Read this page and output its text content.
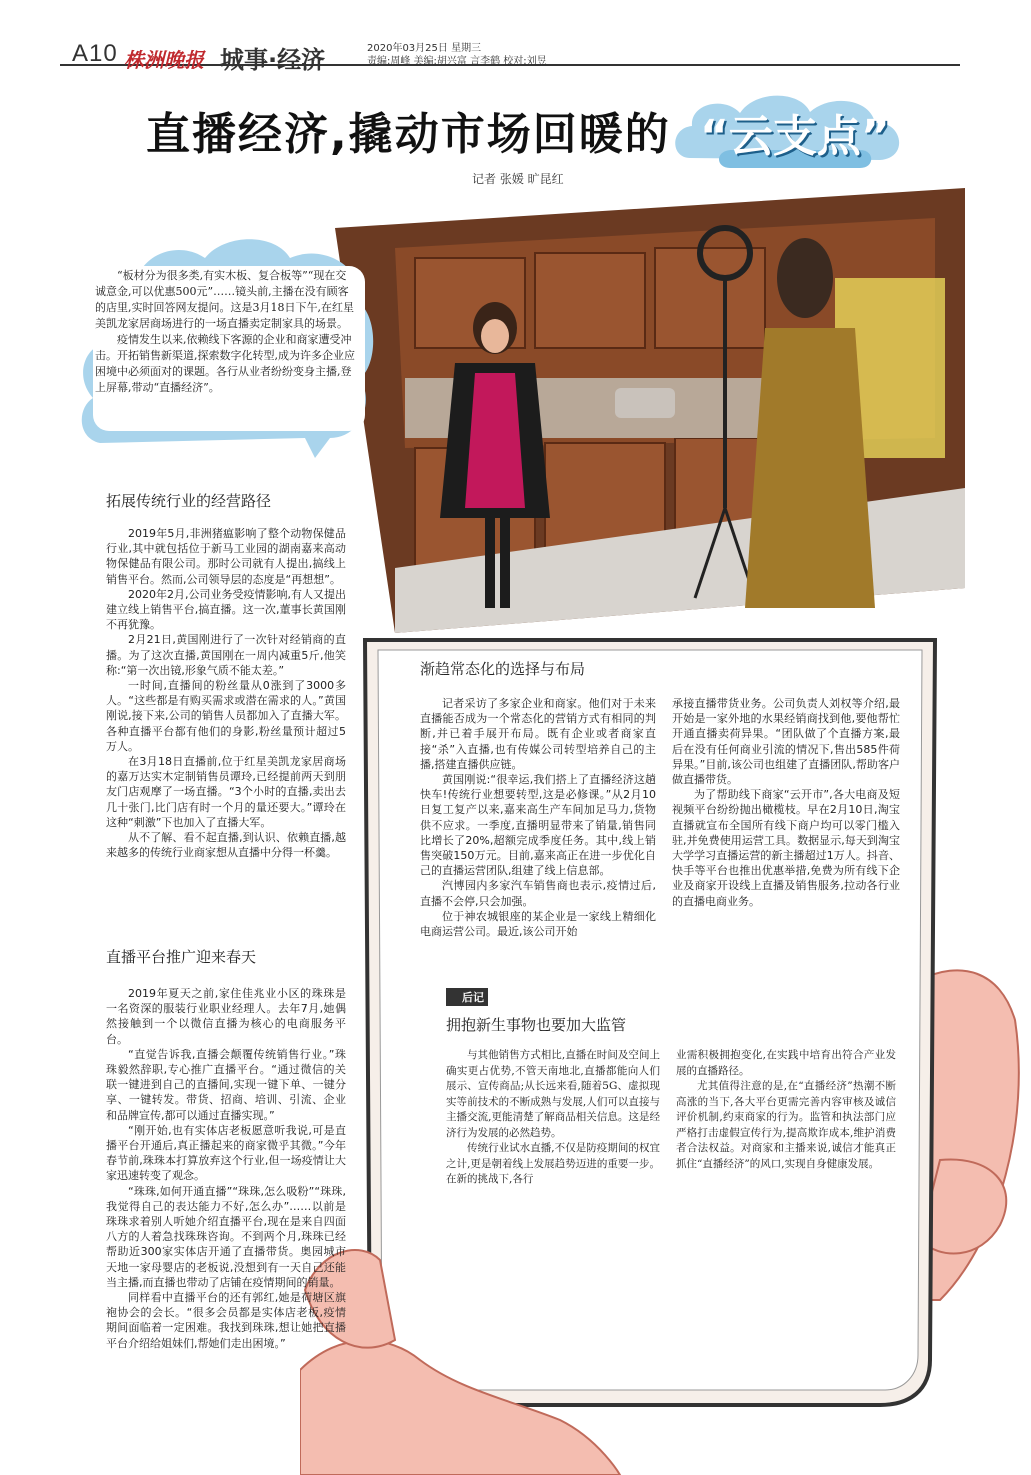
A10 株洲晚报 城事·经济	2020年03月25日 星期三
责编:周峰 美编:胡兴富 言李鹤 校对:刘昱
直播经济,撬动市场回暖的 “云支点”
记者 张媛 旷昆红

“板材分为很多类,有实木板、复合板等”“现在交诚意金,可以优惠500元”……镜头前,主播在没有顾客的店里,实时回答网友提问。这是3月18日下午,在红星美凯龙家居商场进行的一场直播卖定制家具的场景。

疫情发生以来,依赖线下客源的企业和商家遭受冲击。开拓销售新渠道,探索数字化转型,成为许多企业应困境中必须面对的课题。各行从业者纷纷变身主播,登上屏幕,带动“直播经济”。

拓展传统行业的经营路径

2019年5月,非洲猪瘟影响了整个动物保健品行业,其中就包括位于新马工业园的湖南嘉来高动物保健品有限公司。那时公司就有人提出,搞线上销售平台。然而,公司领导层的态度是“再想想”。

2020年2月,公司业务受疫情影响,有人又提出建立线上销售平台,搞直播。这一次,董事长黄国刚不再犹豫。

2月21日,黄国刚进行了一次针对经销商的直播。为了这次直播,黄国刚在一周内减重5斤,他笑称:“第一次出镜,形象气质不能太差。”

一时间,直播间的粉丝量从0涨到了3000多人。“这些都是有购买需求或潜在需求的人。”黄国刚说,接下来,公司的销售人员都加入了直播大军。各种直播平台都有他们的身影,粉丝量预计超过5万人。

在3月18日直播前,位于红星美凯龙家居商场的嘉万达实木定制销售员谭玲,已经提前两天到朋友门店观摩了一场直播。“3个小时的直播,卖出去几十张门,比门店有时一个月的量还要大。”谭玲在这种“刺激”下也加入了直播大军。

从不了解、看不起直播,到认识、依赖直播,越来越多的传统行业商家想从直播中分得一杯羹。

直播平台推广迎来春天

2019年夏天之前,家住佳兆业小区的珠珠是一名资深的服装行业职业经理人。去年7月,她偶然接触到一个以微信直播为核心的电商服务平台。

“直觉告诉我,直播会颠覆传统销售行业。”珠珠毅然辞职,专心推广直播平台。“通过微信的关联一键进到自己的直播间,实现一键下单、一键分享、一键转发。带货、招商、培训、引流、企业和品牌宣传,都可以通过直播实现。”

“刚开始,也有实体店老板愿意听我说,可是直播平台开通后,真正播起来的商家微乎其微。”今年春节前,珠珠本打算放弃这个行业,但一场疫情让大家迅速转变了观念。

“珠珠,如何开通直播”“珠珠,怎么吸粉”“珠珠,我觉得自己的表达能力不好,怎么办”……以前是珠珠求着别人听她介绍直播平台,现在是来自四面八方的人着急找珠珠咨询。不到两个月,珠珠已经帮助近300家实体店开通了直播带货。奥园城市天地一家母婴店的老板说,没想到有一天自己还能当主播,而直播也带动了店铺在疫情期间的销量。

同样看中直播平台的还有郭红,她是荷塘区旗袍协会的会长。“很多会员都是实体店老板,疫情期间面临着一定困难。我找到珠珠,想让她把直播平台介绍给姐妹们,帮她们走出困境。”

渐趋常态化的选择与布局

记者采访了多家企业和商家。他们对于未来直播能否成为一个常态化的营销方式有相同的判断,并已着手展开布局。既有企业或者商家直接“杀”入直播,也有传媒公司转型培养自己的主播,搭建直播供应链。

黄国刚说:“很幸运,我们搭上了直播经济这趟快车!传统行业想要转型,这是必修课。”从2月10日复工复产以来,嘉来高生产车间加足马力,货物供不应求。一季度,直播明显带来了销量,销售同比增长了20%,超额完成季度任务。其中,线上销售突破150万元。目前,嘉来高正在进一步优化自己的直播运营团队,组建了线上信息部。

汽博园内多家汽车销售商也表示,疫情过后,直播不会停,只会加强。

位于神农城银座的某企业是一家线上精细化电商运营公司。最近,该公司开始

承接直播带货业务。公司负责人刘权等介绍,最开始是一家外地的水果经销商找到他,要他帮忙开通直播卖荷异果。“团队做了个直播方案,最后在没有任何商业引流的情况下,售出585件荷异果。”目前,该公司也组建了直播团队,帮助客户做直播带货。

为了帮助线下商家“云开市”,各大电商及短视频平台纷纷抛出橄榄枝。早在2月10日,淘宝直播就宣布全国所有线下商户均可以零门槛入驻,并免费使用运营工具。数据显示,每天到淘宝大学学习直播运营的新主播超过1万人。抖音、快手等平台也推出优惠举措,免费为所有线下企业及商家开设线上直播及销售服务,拉动各行业的直播电商业务。

后记
拥抱新生事物也要加大监管

与其他销售方式相比,直播在时间及空间上确实更占优势,不管天南地北,直播都能向人们展示、宣传商品;从长远来看,随着5G、虚拟现实等前技术的不断成熟与发展,人们可以直接与主播交流,更能清楚了解商品相关信息。这是经济行为发展的必然趋势。

传统行业试水直播,不仅是防疫期间的权宜之计,更是朝着线上发展趋势迈进的重要一步。在新的挑战下,各行

业需积极拥抱变化,在实践中培育出符合产业发展的直播路径。

尤其值得注意的是,在“直播经济”热潮不断高涨的当下,各大平台更需完善内容审核及诚信评价机制,约束商家的行为。监管和执法部门应严格打击虚假宣传行为,提高欺诈成本,维护消费者合法权益。对商家和主播来说,诚信才能真正抓住“直播经济”的风口,实现自身健康发展。
